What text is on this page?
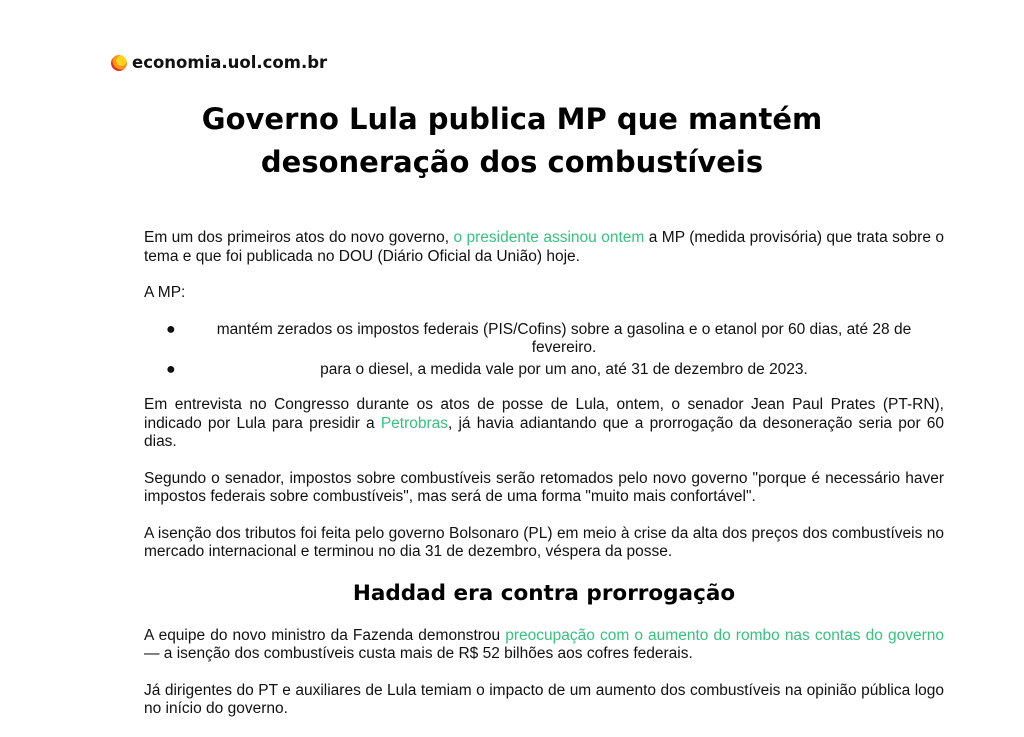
economia.uol.com.br
Governo Lula publica MP que mantém desoneração dos combustíveis

Em um dos primeiros atos do novo governo, o presidente assinou ontem a MP (medida provisória) que trata sobre o tema e que foi publicada no DOU (Diário Oficial da União) hoje.

A MP:

●	mantém zerados os impostos federais (PIS/Cofins) sobre a gasolina e o etanol por 60 dias, até 28 de fevereiro.
●	para o diesel, a medida vale por um ano, até 31 de dezembro de 2023.

Em entrevista no Congresso durante os atos de posse de Lula, ontem, o senador Jean Paul Prates (PT-RN), indicado por Lula para presidir a Petrobras, já havia adiantando que a prorrogação da desoneração seria por 60 dias.

Segundo o senador, impostos sobre combustíveis serão retomados pelo novo governo "porque é necessário haver impostos federais sobre combustíveis", mas será de uma forma "muito mais confortável".

A isenção dos tributos foi feita pelo governo Bolsonaro (PL) em meio à crise da alta dos preços dos combustíveis no mercado internacional e terminou no dia 31 de dezembro, véspera da posse.

Haddad era contra prorrogação

A equipe do novo ministro da Fazenda demonstrou preocupação com o aumento do rombo nas contas do governo — a isenção dos combustíveis custa mais de R$ 52 bilhões aos cofres federais.

Já dirigentes do PT e auxiliares de Lula temiam o impacto de um aumento dos combustíveis na opinião pública logo no início do governo.
